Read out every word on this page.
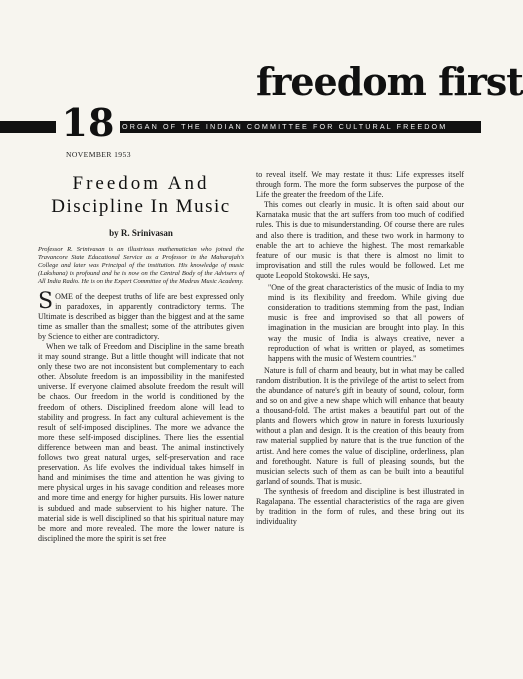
freedom first
18	ORGAN OF THE INDIAN COMMITTEE FOR CULTURAL FREEDOM
NOVEMBER 1953
Freedom And
Discipline In Music
by R. Srinivasan

Professor R. Srinivasan is an illustrious mathematician who joined the Travancore State Educational Service as a Professor in the Maharajah's College and later was Principal of the institution. His knowledge of music (Lakshana) is profound and he is now on the Central Body of the Advisers of All India Radio. He is on the Expert Committee of the Madras Music Academy.

SOME of the deepest truths of life are best expressed only in paradoxes, in apparently contradictory terms. The Ultimate is described as bigger than the biggest and at the same time as smaller than the smallest; some of the attributes given by Science to either are contradictory.

When we talk of Freedom and Discipline in the same breath it may sound strange. But a little thought will indicate that not only these two are not inconsistent but complementary to each other. Absolute freedom is an impossibility in the manifested universe. If everyone claimed absolute freedom the result will be chaos. Our freedom in the world is conditioned by the freedom of others. Disciplined freedom alone will lead to stability and progress. In fact any cultural achievement is the result of self-imposed disciplines. The more we advance the more these self-imposed disciplines. There lies the essential difference between man and beast. The animal instinctively follows two great natural urges, self-preservation and race preservation. As life evolves the individual takes himself in hand and minimises the time and attention he was giving to mere physical urges in his savage condition and releases more and more time and energy for higher pursuits. His lower nature is subdued and made subservient to his higher nature. The material side is well disciplined so that his spiritual nature may be more and more revealed. The more the lower nature is disciplined the more the spirit is set free

to reveal itself. We may restate it thus: Life expresses itself through form. The more the form subserves the purpose of the Life the greater the freedom of the Life.

This comes out clearly in music. It is often said about our Karnataka music that the art suffers from too much of codified rules. This is due to misunderstanding. Of course there are rules and also there is tradition, and these two work in harmony to enable the art to achieve the highest. The most remarkable feature of our music is that there is almost no limit to improvisation and still the rules would be followed. Let me quote Leopold Stokowski. He says,

"One of the great characteristics of the music of India to my mind is its flexibility and freedom. While giving due consideration to traditions stemming from the past, Indian music is free and improvised so that all powers of imagination in the musician are brought into play. In this way the music of India is always creative, never a reproduction of what is written or played, as sometimes happens with the music of Western countries."

Nature is full of charm and beauty, but in what may be called random distribution. It is the privilege of the artist to select from the abundance of nature's gift in beauty of sound, colour, form and so on and give a new shape which will enhance that beauty a thousand-fold. The artist makes a beautiful part out of the plants and flowers which grow in nature in forests luxuriously without a plan and design. It is the creation of this beauty from raw material supplied by nature that is the true function of the artist. And here comes the value of discipline, orderliness, plan and forethought. Nature is full of pleasing sounds, but the musician selects such of them as can be built into a beautiful garland of sounds. That is music.

The synthesis of freedom and discipline is best illustrated in Ragalapana. The essential characteristics of the raga are given by tradition in the form of rules, and these bring out its individuality
